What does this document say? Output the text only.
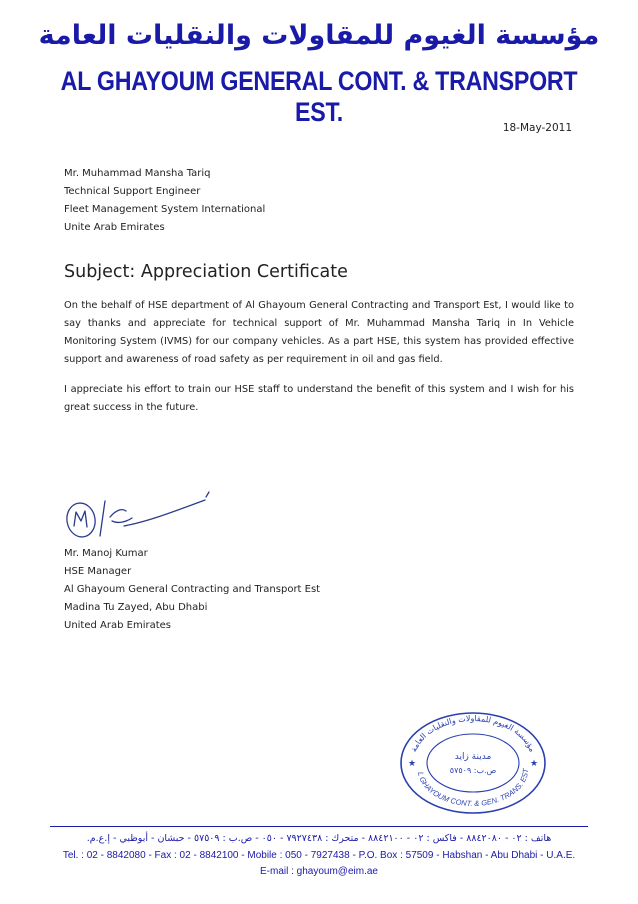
مؤسسة الغيوم للمقاولات والنقليات العامة
AL GHAYOUM GENERAL CONT. & TRANSPORT EST.
18-May-2011
Mr. Muhammad Mansha Tariq
Technical Support Engineer
Fleet Management System International
Unite Arab Emirates
Subject: Appreciation Certificate
On the behalf of HSE department of Al Ghayoum General Contracting and Transport Est, I would like to say thanks and appreciate for technical support of Mr. Muhammad Mansha Tariq in In Vehicle Monitoring System (IVMS) for our company vehicles. As a part HSE, this system has provided effective support and awareness of road safety as per requirement in oil and gas field.
I appreciate his effort to train our HSE staff to understand the benefit of this system and I wish for his great success in the future.
Mr. Manoj Kumar
HSE Manager
Al Ghayoum General Contracting and Transport Est
Madina Tu Zayed, Abu Dhabi
United Arab Emirates
مؤسسة الغيوم للمقاولات والنقليات العامة
L GHAYOUM CONT. & GEN. TRANS. EST
مدينة زايد
ص.ب: ٥٧٥٠٩
★	★
هاتف : ٠٢ - ٨٨٤٢٠٨٠ - فاكس : ٠٢ - ٨٨٤٢١٠٠ - متحرك : ٧٩٢٧٤٣٨ - ٠٥٠ - ص.ب : ٥٧٥٠٩ - حبشان - أبوظبي - إ.ع.م.
Tel. : 02 - 8842080 - Fax : 02 - 8842100 - Mobile : 050 - 7927438 - P.O. Box : 57509 - Habshan - Abu Dhabi - U.A.E.
E-mail : ghayoum@eim.ae
